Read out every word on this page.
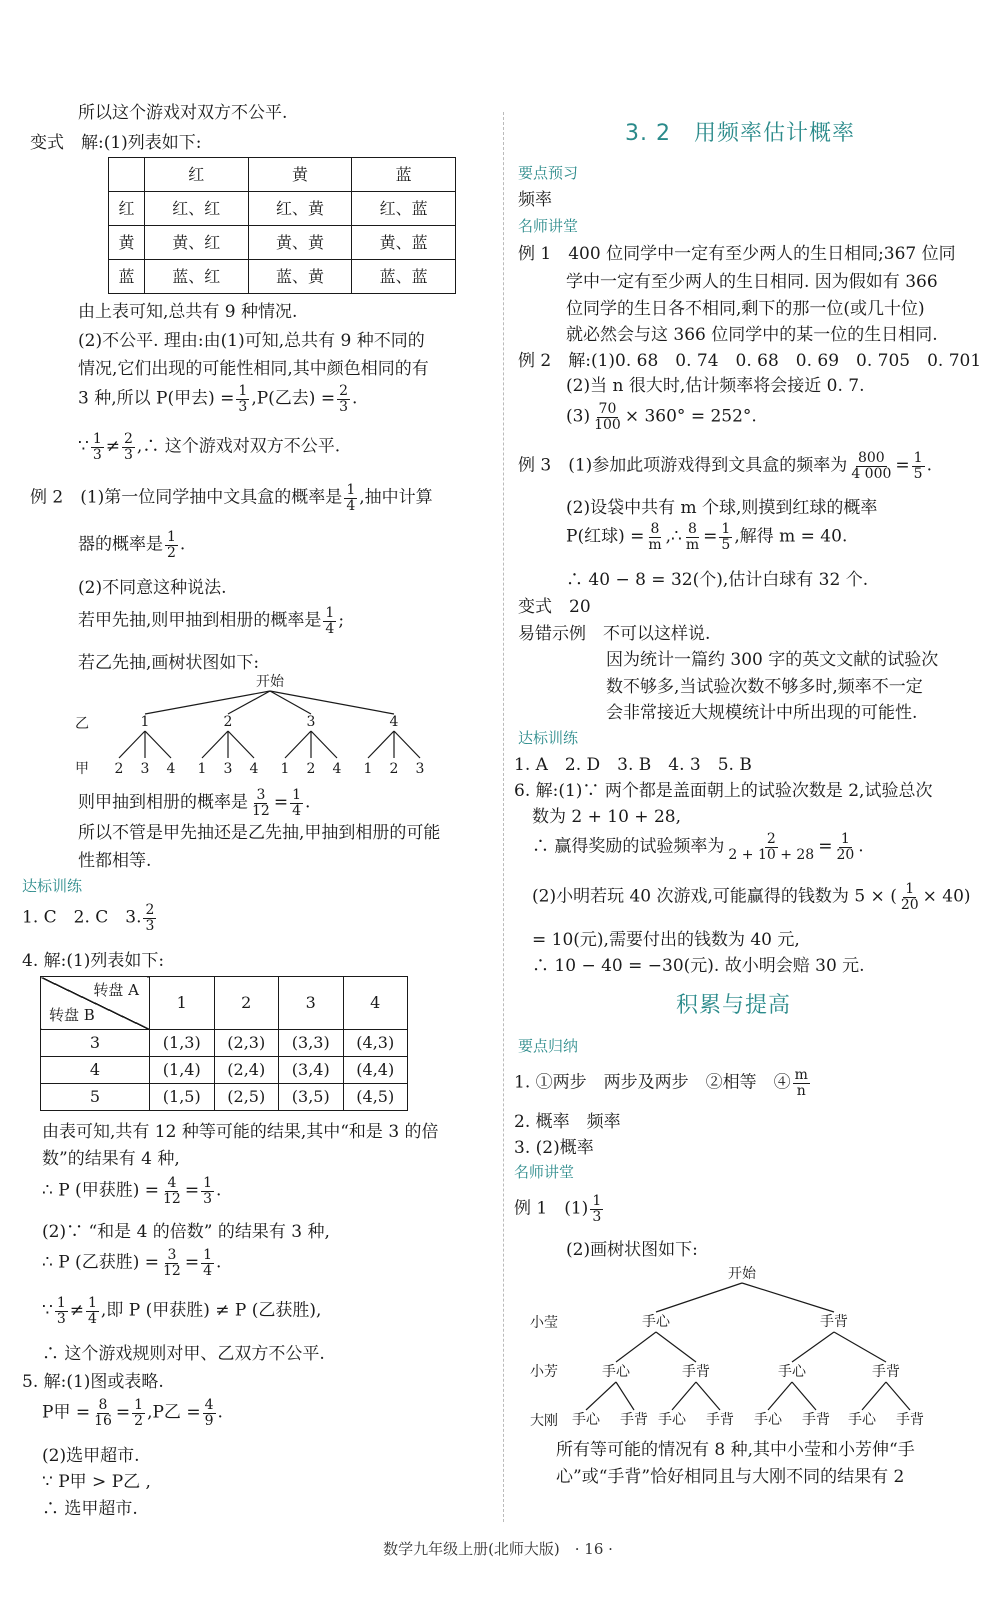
所以这个游戏对双方不公平.
变式　解:(1)列表如下:
	红	黄	蓝
红	红、红	红、黄	红、蓝
黄	黄、红	黄、黄	黄、蓝
蓝	蓝、红	蓝、黄	蓝、蓝
由上表可知,总共有 9 种情况.
(2)不公平. 理由:由(1)可知,总共有 9 种不同的
情况,它们出现的可能性相同,其中颜色相同的有
3 种,所以 P(甲去) = $\frac{1}{3} ,P$(乙去) = $\frac{2}{3}$ .
∵ $\frac{1}{3} \ne \frac{2}{3}$ ,∴ 这个游戏对双方不公平.
例 2　(1)第一位同学抽中文具盒的概率是 $\frac{1}{4}$ ,抽中计算
器的概率是 $\frac{1}{2}$ .
(2)不同意这种说法.
若甲先抽,则甲抽到相册的概率是 $\frac{1}{4}$ ;
若乙先抽,画树状图如下:
开始
乙
甲
1
2 3 4
2
1 3 4
3
1 2 4
4
1 2 3
则甲抽到相册的概率是 $\frac{3}{12} = \frac{1}{4}$ .
所以不管是甲先抽还是乙先抽,甲抽到相册的可能
性都相等.
达标训练
1. C　2. C　3. $\frac{2}{3}$
4. 解:(1)列表如下:
转盘 A
转盘 B	1	2	3	4
3	(1,3)	(2,3)	(3,3)	(4,3)
4	(1,4)	(2,4)	(3,4)	(4,4)
5	(1,5)	(2,5)	(3,5)	(4,5)
由表可知,共有 12 种等可能的结果,其中“和是 3 的倍
数”的结果有 4 种,
∴ P (甲获胜) = $\frac{4}{12} = \frac{1}{3}$ .
(2)∵ “和是 4 的倍数” 的结果有 3 种,
∴ P (乙获胜) = $\frac{3}{12} = \frac{1}{4}$ .
∵ $\frac{1}{3} \ne \frac{1}{4}$ ,即 P (甲获胜) ≠ P (乙获胜),
∴ 这个游戏规则对甲、乙双方不公平.
5. 解:(1)图或表略.
P甲 = $\frac{8}{16} = \frac{1}{2} ,P$乙 = $\frac{4}{9}$ .
(2)选甲超市.
∵ P甲 > P乙 ,
∴ 选甲超市.
3. 2　用频率估计概率
要点预习
频率
名师讲堂
例 1　400 位同学中一定有至少两人的生日相同;367 位同
学中一定有至少两人的生日相同. 因为假如有 366
位同学的生日各不相同,剩下的那一位(或几十位)
就必然会与这 366 位同学中的某一位的生日相同.
例 2　解:(1)0. 68　0. 74　0. 68　0. 69　0. 705　0. 701
(2)当 n 很大时,估计频率将会接近 0. 7.
$(3) \frac{70}{100} \times 360^\circ = 252^\circ$.
例 3　(1)参加此项游戏得到文具盒的频率为 $\frac{800}{4 000} = \frac{1}{5}$ .
(2)设袋中共有 m 个球,则摸到红球的概率
P(红球) = $\frac{8}{m}$ ,∴ $\frac{8}{m} = \frac{1}{5}$ ,解得 m = 40.
∴ 40 − 8 = 32(个),估计白球有 32 个.
变式　20
易错示例　不可以这样说.
因为统计一篇约 300 字的英文文献的试验次
数不够多,当试验次数不够多时,频率不一定
会非常接近大规模统计中所出现的可能性.
达标训练
1. A　2. D　3. B　4. 3　5. B
6. 解:(1)∵ 两个都是盖面朝上的试验次数是 2,试验总次
数为 2 + 10 + 28,
∴ 赢得奖励的试验频率为 $\frac{2}{2 + 10 + 28} = \frac{1}{20}$ .
(2)小明若玩 40 次游戏,可能赢得的钱数为 5 × ( $\frac{1}{20} \times 40$)
= 10(元),需要付出的钱数为 40 元,
∴ 10 − 40 = −30(元). 故小明会赔 30 元.
积累与提高
要点归纳
1. ①两步　两步及两步　②相等　④ $\frac{m}{n}$
2. 概率　频率
3. (2)概率
名师讲堂
例 1　$(1) \frac{1}{3}$
(2)画树状图如下:
开始
小莹
小芳
大刚
手心	手背
手心	手背	手心	手背
手心 手背 手心 手背 手心 手背 手心 手背
所有等可能的情况有 8 种,其中小莹和小芳伸“手
心”或“手背”恰好相同且与大刚不同的结果有 2
数学九年级上册(北师大版)　· 16 ·
